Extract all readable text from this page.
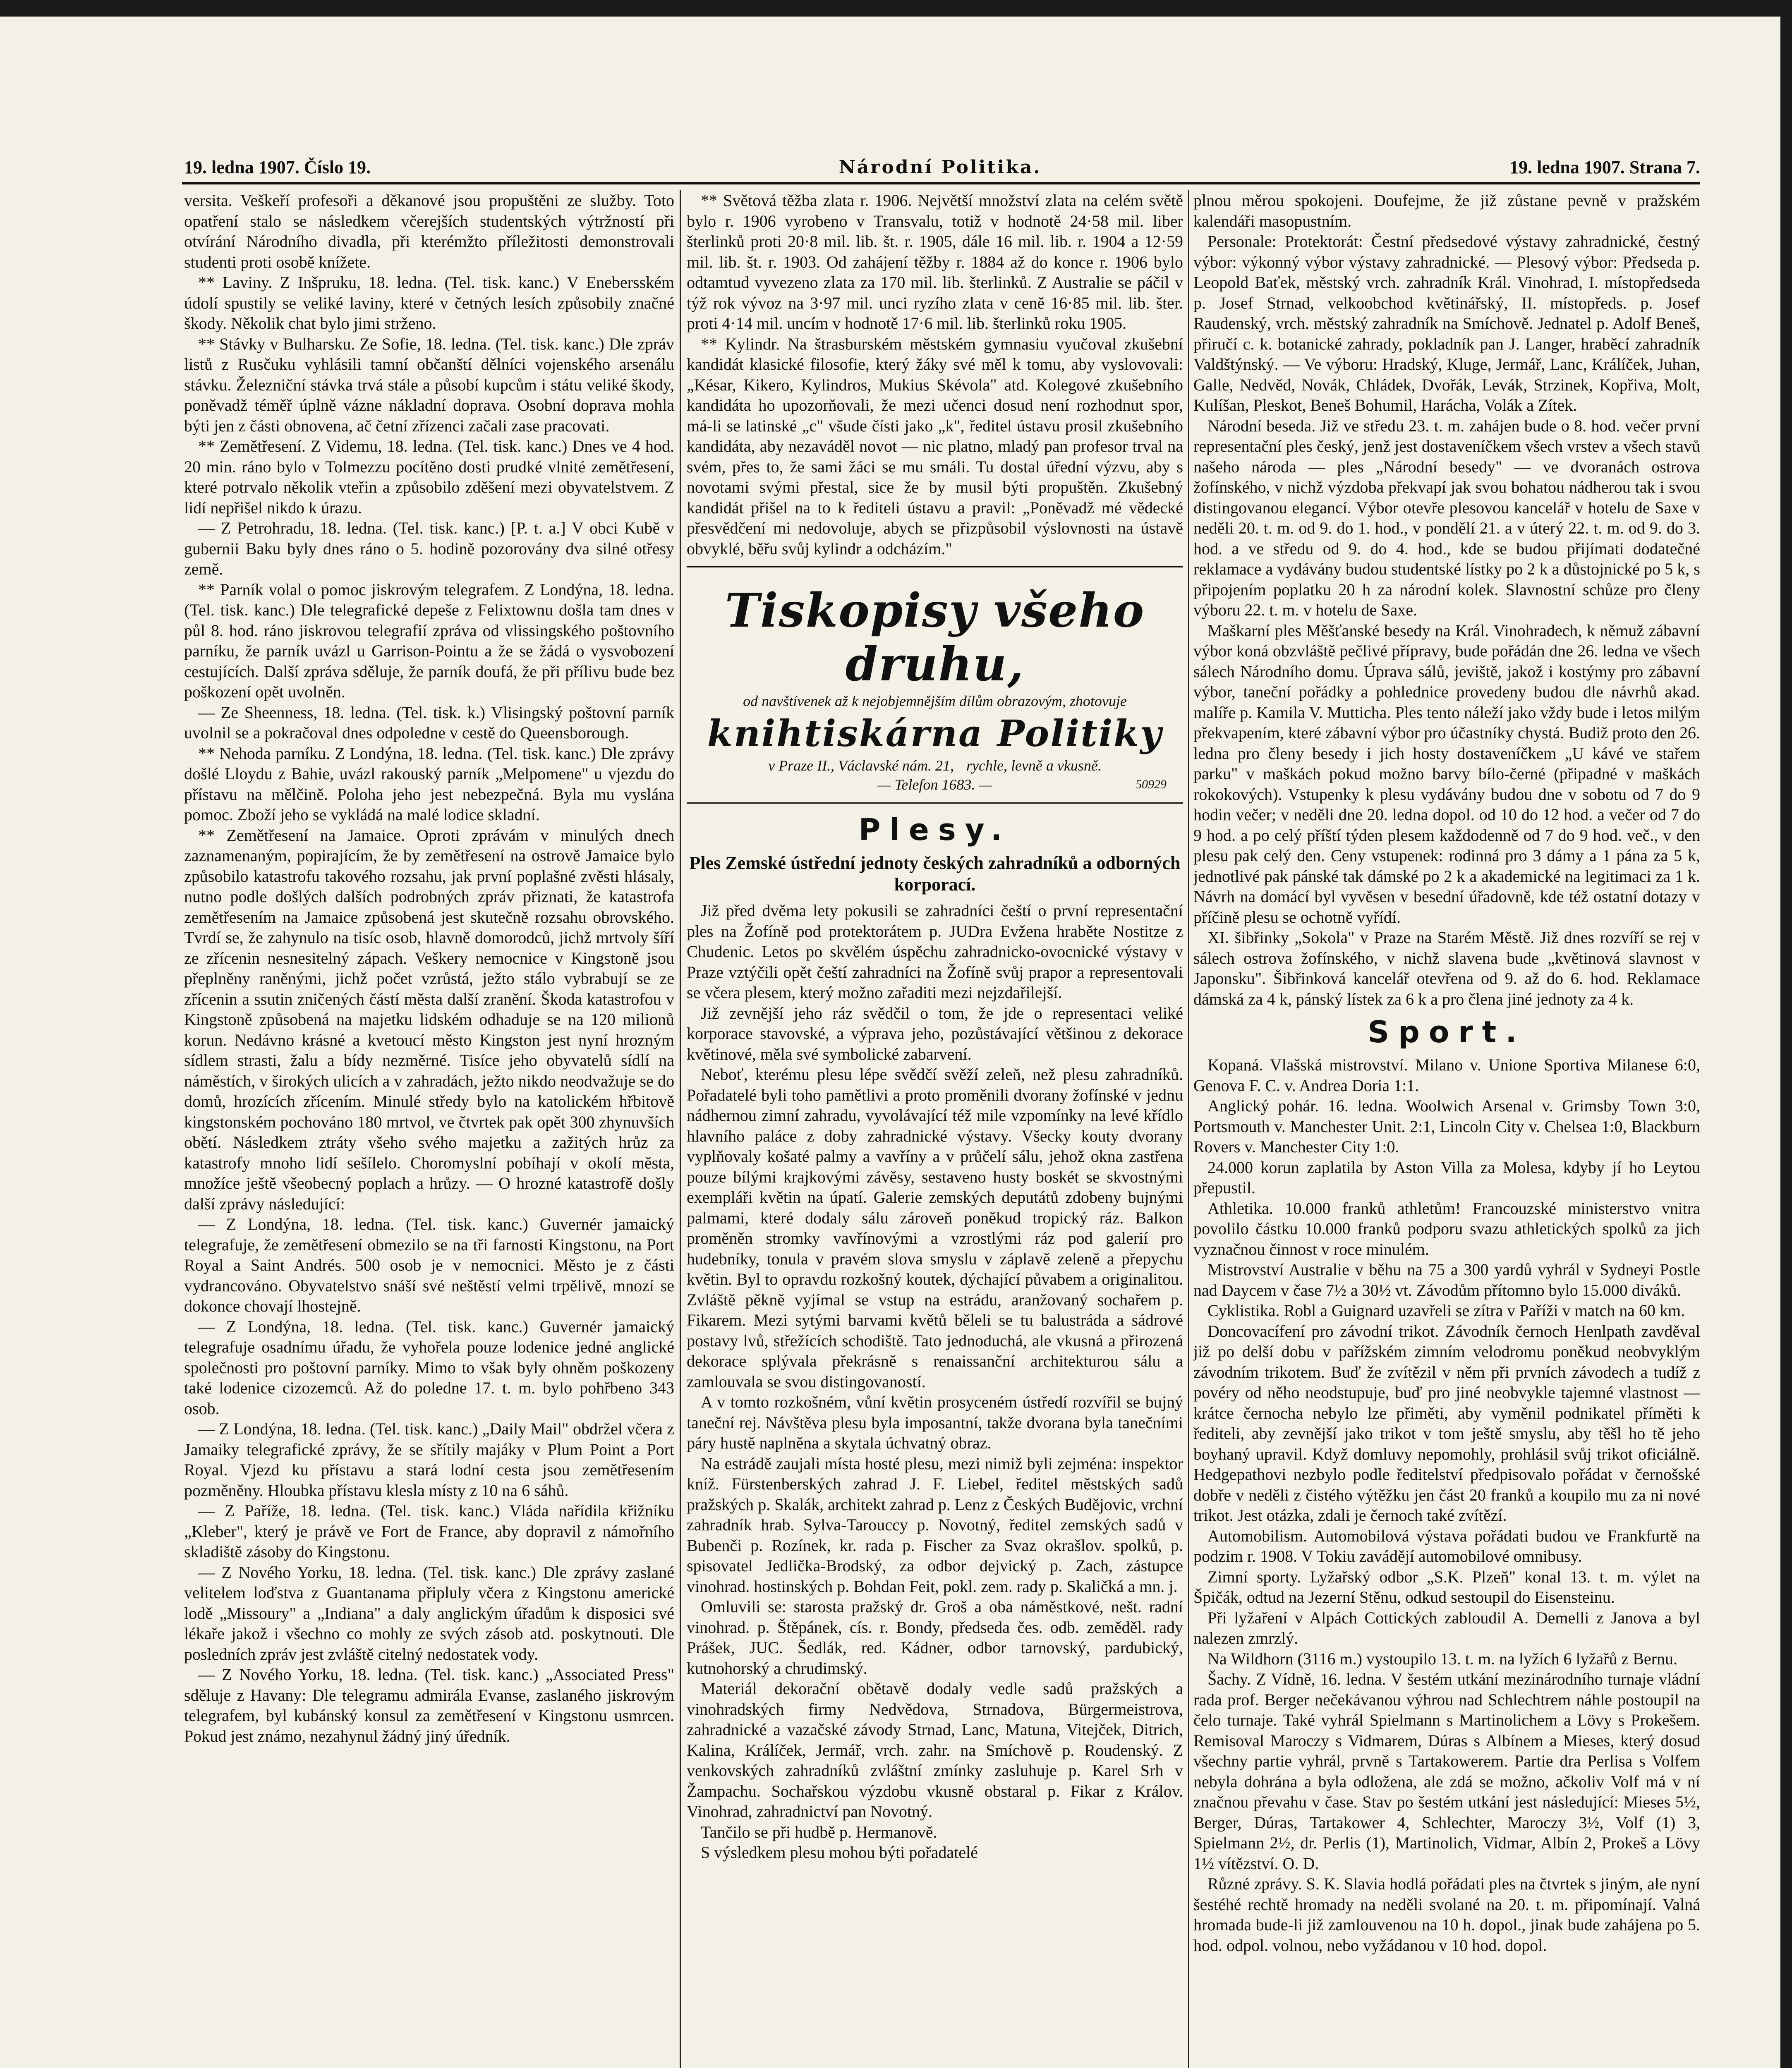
19. ledna 1907. Číslo 19.	Národní Politika.	19. ledna 1907. Strana 7.

versita. Veškeří profesoři a děkanové jsou propuštěni ze služby. Toto opatření stalo se následkem včerejších studentských výtržností při otvírání Národního divadla, při kterémžto příležitosti demonstrovali studenti proti osobě knížete.

** Laviny. Z Inšpruku, 18. ledna. (Tel. tisk. kanc.) V Enebersském údolí spustily se veliké laviny, které v četných lesích způsobily značné škody. Několik chat bylo jimi strženo.

** Stávky v Bulharsku. Ze Sofie, 18. ledna. (Tel. tisk. kanc.) Dle zpráv listů z Rusčuku vyhlásili tamní občanští dělníci vojenského arsenálu stávku. Železniční stávka trvá stále a působí kupcům i státu veliké škody, poněvadž téměř úplně vázne nákladní doprava. Osobní doprava mohla býti jen z části obnovena, ač četní zřízenci začali zase pracovati.

** Zemětřesení. Z Videmu, 18. ledna. (Tel. tisk. kanc.) Dnes ve 4 hod. 20 min. ráno bylo v Tolmezzu pocítěno dosti prudké vlnité zemětřesení, které potrvalo několik vteřin a způsobilo zděšení mezi obyvatelstvem. Z lidí nepřišel nikdo k úrazu.

— Z Petrohradu, 18. ledna. (Tel. tisk. kanc.) [P. t. a.] V obci Kubě v gubernii Baku byly dnes ráno o 5. hodině pozorovány dva silné otřesy země.

** Parník volal o pomoc jiskrovým telegrafem. Z Londýna, 18. ledna. (Tel. tisk. kanc.) Dle telegrafické depeše z Felixtownu došla tam dnes v půl 8. hod. ráno jiskrovou telegrafií zpráva od vlissingského poštovního parníku, že parník uvázl u Garrison-Pointu a že se žádá o vysvobození cestujících. Další zpráva sděluje, že parník doufá, že při přílivu bude bez poškození opět uvolněn.

— Ze Sheenness, 18. ledna. (Tel. tisk. k.) Vlisingský poštovní parník uvolnil se a pokračoval dnes odpoledne v cestě do Queensborough.

** Nehoda parníku. Z Londýna, 18. ledna. (Tel. tisk. kanc.) Dle zprávy došlé Lloydu z Bahie, uvázl rakouský parník „Melpomene" u vjezdu do přístavu na mělčině. Poloha jeho jest nebezpečná. Byla mu vyslána pomoc. Zboží jeho se vykládá na malé lodice skladní.

** Zemětřesení na Jamaice. Oproti zprávám v minulých dnech zaznamenaným, popirajícím, že by zemětřesení na ostrově Jamaice bylo způsobilo katastrofu takového rozsahu, jak první poplašné zvěsti hlásaly, nutno podle došlých dalších podrobných zpráv přiznati, že katastrofa zemětřesením na Jamaice způsobená jest skutečně rozsahu obrovského. Tvrdí se, že zahynulo na tisíc osob, hlavně domorodců, jichž mrtvoly šíří ze zřícenin nesnesitelný zápach. Veškery nemocnice v Kingstoně jsou přeplněny raněnými, jichž počet vzrůstá, ježto stálo vybrabují se ze zřícenin a ssutin zničených částí města další zranění. Škoda katastrofou v Kingstoně způsobená na majetku lidském odhaduje se na 120 milionů korun. Nedávno krásné a kvetoucí město Kingston jest nyní hrozným sídlem strasti, žalu a bídy nezměrné. Tisíce jeho obyvatelů sídlí na náměstích, v širokých ulicích a v zahradách, ježto nikdo neodvažuje se do domů, hrozících zřícením. Minulé středy bylo na katolickém hřbitově kingstonském pochováno 180 mrtvol, ve čtvrtek pak opět 300 zhynuvších obětí. Následkem ztráty všeho svého majetku a zažitých hrůz za katastrofy mnoho lidí sešílelo. Choromyslní pobíhají v okolí města, množíce ještě všeobecný poplach a hrůzy. — O hrozné katastrofě došly další zprávy následující:

— Z Londýna, 18. ledna. (Tel. tisk. kanc.) Guvernér jamaický telegrafuje, že zemětřesení obmezilo se na tři farnosti Kingstonu, na Port Royal a Saint Andrés. 500 osob je v nemocnici. Město je z části vydrancováno. Obyvatelstvo snáší své neštěstí velmi trpělivě, mnozí se dokonce chovají lhostejně.

— Z Londýna, 18. ledna. (Tel. tisk. kanc.) Guvernér jamaický telegrafuje osadnímu úřadu, že vyhořela pouze lodenice jedné anglické společnosti pro poštovní parníky. Mimo to však byly ohněm poškozeny také lodenice cizozemců. Až do poledne 17. t. m. bylo pohřbeno 343 osob.

— Z Londýna, 18. ledna. (Tel. tisk. kanc.) „Daily Mail" obdržel včera z Jamaiky telegrafické zprávy, že se sřítily majáky v Plum Point a Port Royal. Vjezd ku přístavu a stará lodní cesta jsou zemětřesením pozměněny. Hloubka přístavu klesla místy z 10 na 6 sáhů.

— Z Paříže, 18. ledna. (Tel. tisk. kanc.) Vláda nařídila křižníku „Kleber", který je právě ve Fort de France, aby dopravil z námořního skladiště zásoby do Kingstonu.

— Z Nového Yorku, 18. ledna. (Tel. tisk. kanc.) Dle zprávy zaslané velitelem loďstva z Guantanama připluly včera z Kingstonu americké lodě „Missoury" a „Indiana" a daly anglickým úřadům k disposici své lékaře jakož i všechno co mohly ze svých zásob atd. poskytnouti. Dle posledních zpráv jest zvláště citelný nedostatek vody.

— Z Nového Yorku, 18. ledna. (Tel. tisk. kanc.) „Associated Press" sděluje z Havany: Dle telegramu admirála Evanse, zaslaného jiskrovým telegrafem, byl kubánský konsul za zemětřesení v Kingstonu usmrcen. Pokud jest známo, nezahynul žádný jiný úředník.

** Světová těžba zlata r. 1906. Největší množství zlata na celém světě bylo r. 1906 vyrobeno v Transvalu, totiž v hodnotě 24·58 mil. liber šterlinků proti 20·8 mil. lib. št. r. 1905, dále 16 mil. lib. r. 1904 a 12·59 mil. lib. št. r. 1903. Od zahájení těžby r. 1884 až do konce r. 1906 bylo odtamtud vyvezeno zlata za 170 mil. lib. šterlinků. Z Australie se páčil v týž rok vývoz na 3·97 mil. unci ryzího zlata v ceně 16·85 mil. lib. šter. proti 4·14 mil. uncím v hodnotě 17·6 mil. lib. šterlinků roku 1905.

** Kylindr. Na štrasburském městském gymnasiu vyučoval zkušební kandidát klasické filosofie, který žáky své měl k tomu, aby vyslovovali: „Késar, Kikero, Kylindros, Mukius Skévola" atd. Kolegové zkušebního kandidáta ho upozorňovali, že mezi učenci dosud není rozhodnut spor, má-li se latinské „c" všude čísti jako „k", ředitel ústavu prosil zkušebního kandidáta, aby nezaváděl novot — nic platno, mladý pan profesor trval na svém, přes to, že sami žáci se mu smáli. Tu dostal úřední výzvu, aby s novotami svými přestal, sice že by musil býti propuštěn. Zkušebný kandidát přišel na to k řediteli ústavu a pravil: „Poněvadž mé vědecké přesvědčení mi nedovoluje, abych se přizpůsobil výslovnosti na ústavě obvyklé, běřu svůj kylindr a odcházím."

Tiskopisy všeho druhu,
od navštívenek až k nejobjemnějším dílům obrazovým, zhotovuje
knihtiskárna Politiky
v Praze II., Václavské nám. 21, rychle, levně a vkusně.
— Telefon 1683. —	50929
Plesy.
Ples Zemské ústřední jednoty českých zahradníků a odborných korporací.

Již před dvěma lety pokusili se zahradníci čeští o první representační ples na Žofíně pod protektorátem p. JUDra Evžena hraběte Nostitze z Chudenic. Letos po skvělém úspěchu zahradnicko-ovocnické výstavy v Praze vztýčili opět čeští zahradníci na Žofíně svůj prapor a representovali se včera plesem, který možno zařaditi mezi nejzdařilejší.

Již zevnější jeho ráz svědčil o tom, že jde o representaci veliké korporace stavovské, a výprava jeho, pozůstávající většinou z dekorace květinové, měla své symbolické zabarvení.

Neboť, kterému plesu lépe svědčí svěží zeleň, než plesu zahradníků. Pořadatelé byli toho pamětlivi a proto proměnili dvorany žofínské v jednu nádhernou zimní zahradu, vyvolávající též mile vzpomínky na levé křídlo hlavního paláce z doby zahradnické výstavy. Všecky kouty dvorany vyplňovaly košaté palmy a vavříny a v průčelí sálu, jehož okna zastřena pouze bílými krajkovými závěsy, sestaveno husty boskét se skvostnými exempláři květin na úpatí. Galerie zemských deputátů zdobeny bujnými palmami, které dodaly sálu zároveň poněkud tropický ráz. Balkon proměněn stromky vavřínovými a vzrostlými ráz pod galerií pro hudebníky, tonula v pravém slova smyslu v záplavě zeleně a přepychu květin. Byl to opravdu rozkošný koutek, dýchající půvabem a originalitou. Zvláště pěkně vyjímal se vstup na estrádu, aranžovaný sochařem p. Fikarem. Mezi sytými barvami květů běleli se tu balustráda a sádrové postavy lvů, střežících schodiště. Tato jednoduchá, ale vkusná a přirozená dekorace splývala překrásně s renaissanční architekturou sálu a zamlouvala se svou distingovaností.

A v tomto rozkošném, vůní květin prosyceném ústředí rozvířil se bujný taneční rej. Návštěva plesu byla imposantní, takže dvorana byla tanečními páry hustě naplněna a skytala úchvatný obraz.

Na estrádě zaujali místa hosté plesu, mezi nimiž byli zejména: inspektor kníž. Fürstenberských zahrad J. F. Liebel, ředitel městských sadů pražských p. Skalák, architekt zahrad p. Lenz z Českých Budějovic, vrchní zahradník hrab. Sylva-Tarouccy p. Novotný, ředitel zemských sadů v Bubenči p. Rozínek, kr. rada p. Fischer za Svaz okrašlov. spolků, p. spisovatel Jedlička-Brodský, za odbor dejvický p. Zach, zástupce vinohrad. hostinských p. Bohdan Feit, pokl. zem. rady p. Skaličká a mn. j.

Omluvili se: starosta pražský dr. Groš a oba náměstkové, nešt. radní vinohrad. p. Štěpánek, cís. r. Bondy, předseda čes. odb. zeměděl. rady Prášek, JUC. Šedlák, red. Kádner, odbor tarnovský, pardubický, kutnohorský a chrudimský.

Materiál dekorační obětavě dodaly vedle sadů pražských a vinohradských firmy Nedvědova, Strnadova, Bürgermeistrova, zahradnické a vazačské závody Strnad, Lanc, Matuna, Vitejček, Ditrich, Kalina, Králíček, Jermář, vrch. zahr. na Smíchově p. Roudenský. Z venkovských zahradníků zvláštní zmínky zasluhuje p. Karel Srh v Žampachu. Sochařskou výzdobu vkusně obstaral p. Fikar z Králov. Vinohrad, zahradnictví pan Novotný.

Tančilo se při hudbě p. Hermanově.

S výsledkem plesu mohou býti pořadatelé

plnou měrou spokojeni. Doufejme, že již zůstane pevně v pražském kalendáři masopustním.

Personale: Protektorát: Čestní předsedové výstavy zahradnické, čestný výbor: výkonný výbor výstavy zahradnické. — Plesový výbor: Předseda p. Leopold Baťek, městský vrch. zahradník Král. Vinohrad, I. místopředseda p. Josef Strnad, velkoobchod květinářský, II. místopředs. p. Josef Raudenský, vrch. městský zahradník na Smíchově. Jednatel p. Adolf Beneš, přiručí c. k. botanické zahrady, pokladník pan J. Langer, hraběcí zahradník Valdštýnský. — Ve výboru: Hradský, Kluge, Jermář, Lanc, Králíček, Juhan, Galle, Nedvěd, Novák, Chládek, Dvořák, Levák, Strzinek, Kopřiva, Molt, Kulíšan, Pleskot, Beneš Bohumil, Harácha, Volák a Zítek.

Národní beseda. Již ve středu 23. t. m. zahájen bude o 8. hod. večer první representační ples český, jenž jest dostaveníčkem všech vrstev a všech stavů našeho národa — ples „Národní besedy" — ve dvoranách ostrova žofínského, v nichž výzdoba překvapí jak svou bohatou nádherou tak i svou distingovanou elegancí. Výbor otevře plesovou kancelář v hotelu de Saxe v neděli 20. t. m. od 9. do 1. hod., v pondělí 21. a v úterý 22. t. m. od 9. do 3. hod. a ve středu od 9. do 4. hod., kde se budou přijímati dodatečné reklamace a vydávány budou studentské lístky po 2 k a důstojnické po 5 k, s připojením poplatku 20 h za národní kolek. Slavnostní schůze pro členy výboru 22. t. m. v hotelu de Saxe.

Maškarní ples Měšťanské besedy na Král. Vinohradech, k němuž zábavní výbor koná obzvláště pečlivé přípravy, bude pořádán dne 26. ledna ve všech sálech Národního domu. Úprava sálů, jeviště, jakož i kostýmy pro zábavní výbor, taneční pořádky a pohlednice provedeny budou dle návrhů akad. malíře p. Kamila V. Muttichа. Ples tento náleží jako vždy bude i letos milým překvapením, které zábavní výbor pro účastníky chystá. Budiž proto den 26. ledna pro členy besedy i jich hosty dostaveníčkem „U kávé ve stařem parku" v maškách pokud možno barvy bílo-černé (připadné v maškách rokokových). Vstupenky k plesu vydávány budou dne v sobotu od 7 do 9 hodin večer; v neděli dne 20. ledna dopol. od 10 do 12 hod. a večer od 7 do 9 hod. a po celý příští týden plesem každodenně od 7 do 9 hod. več., v den plesu pak celý den. Ceny vstupenek: rodinná pro 3 dámy a 1 pána za 5 k, jednotlivé pak pánské tak dámské po 2 k a akademické na legitimaci za 1 k. Návrh na domácí byl vyvěsen v besední úřadovně, kde též ostatní dotazy v příčině plesu se ochotně vyřídí.

XI. šibřinky „Sokola" v Praze na Starém Městě. Již dnes rozvíří se rej v sálech ostrova žofínského, v nichž slavena bude „květinová slavnost v Japonsku". Šibřinková kancelář otevřena od 9. až do 6. hod. Reklamace dámská za 4 k, pánský lístek za 6 k a pro člena jiné jednoty za 4 k.

Sport.

Kopaná. Vlašská mistrovství. Milano v. Unione Sportiva Milanese 6:0, Genova F. C. v. Andrea Doria 1:1.

Anglický pohár. 16. ledna. Woolwich Arsenal v. Grimsby Town 3:0, Portsmouth v. Manchester Unit. 2:1, Lincoln City v. Chelsea 1:0, Blackburn Rovers v. Manchester City 1:0.

24.000 korun zaplatila by Aston Villa za Molesa, kdyby jí ho Leytou přepustil.

Athletika. 10.000 franků athletům! Francouzské ministerstvo vnitra povolilo částku 10.000 franků podporu svazu athletických spolků za jich vyznačnou činnost v roce minulém.

Mistrovství Australie v běhu na 75 a 300 yardů vyhrál v Sydneyi Postle nad Daycem v čase 7½ a 30½ vt. Závodům přítomno bylo 15.000 diváků.

Cyklistika. Robl a Guignard uzavřeli se zítra v Paříži v match na 60 km.

Doncovacífení pro závodní trikot. Závodník černoch Henlpath zavděval již po delší dobu v pařížském zimním velodromu poněkud neobvyklým závodním trikotem. Buď že zvítězil v něm při prvních závodech a tudíž z povéry od něho neodstupuje, buď pro jiné neobvykle tajemné vlastnost — krátce černocha nebylo lze přiměti, aby vyměnil podnikatel příměti k řediteli, aby zevnější jako trikot v tom ještě smyslu, aby těšl ho tě jeho boyhaný upravil. Když domluvy nepomohly, prohlásil svůj trikot oficiálně. Hedgepathovi nezbylo podle ředitelství předpisovalo pořádat v černošské dobře v neděli z čistého výtěžku jen část 20 franků a koupilo mu za ni nové trikot. Jest otázka, zdali je černoch také zvítězí.

Automobilism. Automobilová výstava pořádati budou ve Frankfurtě na podzim r. 1908. V Tokiu zavádějí automobilové omnibusy.

Zimní sporty. Lyžařský odbor „S.K. Plzeň" konal 13. t. m. výlet na Špičák, odtud na Jezerní Stěnu, odkud sestoupil do Eisensteinu.

Při lyžaření v Alpách Cottických zabloudil A. Demelli z Janova a byl nalezen zmrzlý.

Na Wildhorn (3116 m.) vystoupilo 13. t. m. na lyžích 6 lyžařů z Bernu.

Šachy. Z Vídně, 16. ledna. V šestém utkání mezinárodního turnaje vládní rada prof. Berger nečekávanou výhrou nad Schlechtrem náhle postoupil na čelo turnaje. Také vyhrál Spielmann s Martinolichem a Lövy s Prokešem. Remisoval Maroczy s Vidmarem, Dúras s Albínem a Mieses, který dosud všechny partie vyhrál, prvně s Tartakowerem. Partie dra Perlisa s Volfem nebyla dohrána a byla odložena, ale zdá se možno, ačkoliv Volf má v ní značnou převahu v čase. Stav po šestém utkání jest následující: Mieses 5½, Berger, Dúras, Tartakower 4, Schlechter, Maroczy 3½, Volf (1) 3, Spielmann 2½, dr. Perlis (1), Martinolich, Vidmar, Albín 2, Prokeš a Lövy 1½ vítězství. O. D.

Různé zprávy. S. K. Slavia hodlá pořádati ples na čtvrtek s jiným, ale nyní šestéhé rechtě hromady na neděli svolané na 20. t. m. připomínají. Valná hromada bude-li již zamlouvenou na 10 h. dopol., jinak bude zahájena po 5. hod. odpol. volnou, nebo vyžádanou v 10 hod. dopol.
